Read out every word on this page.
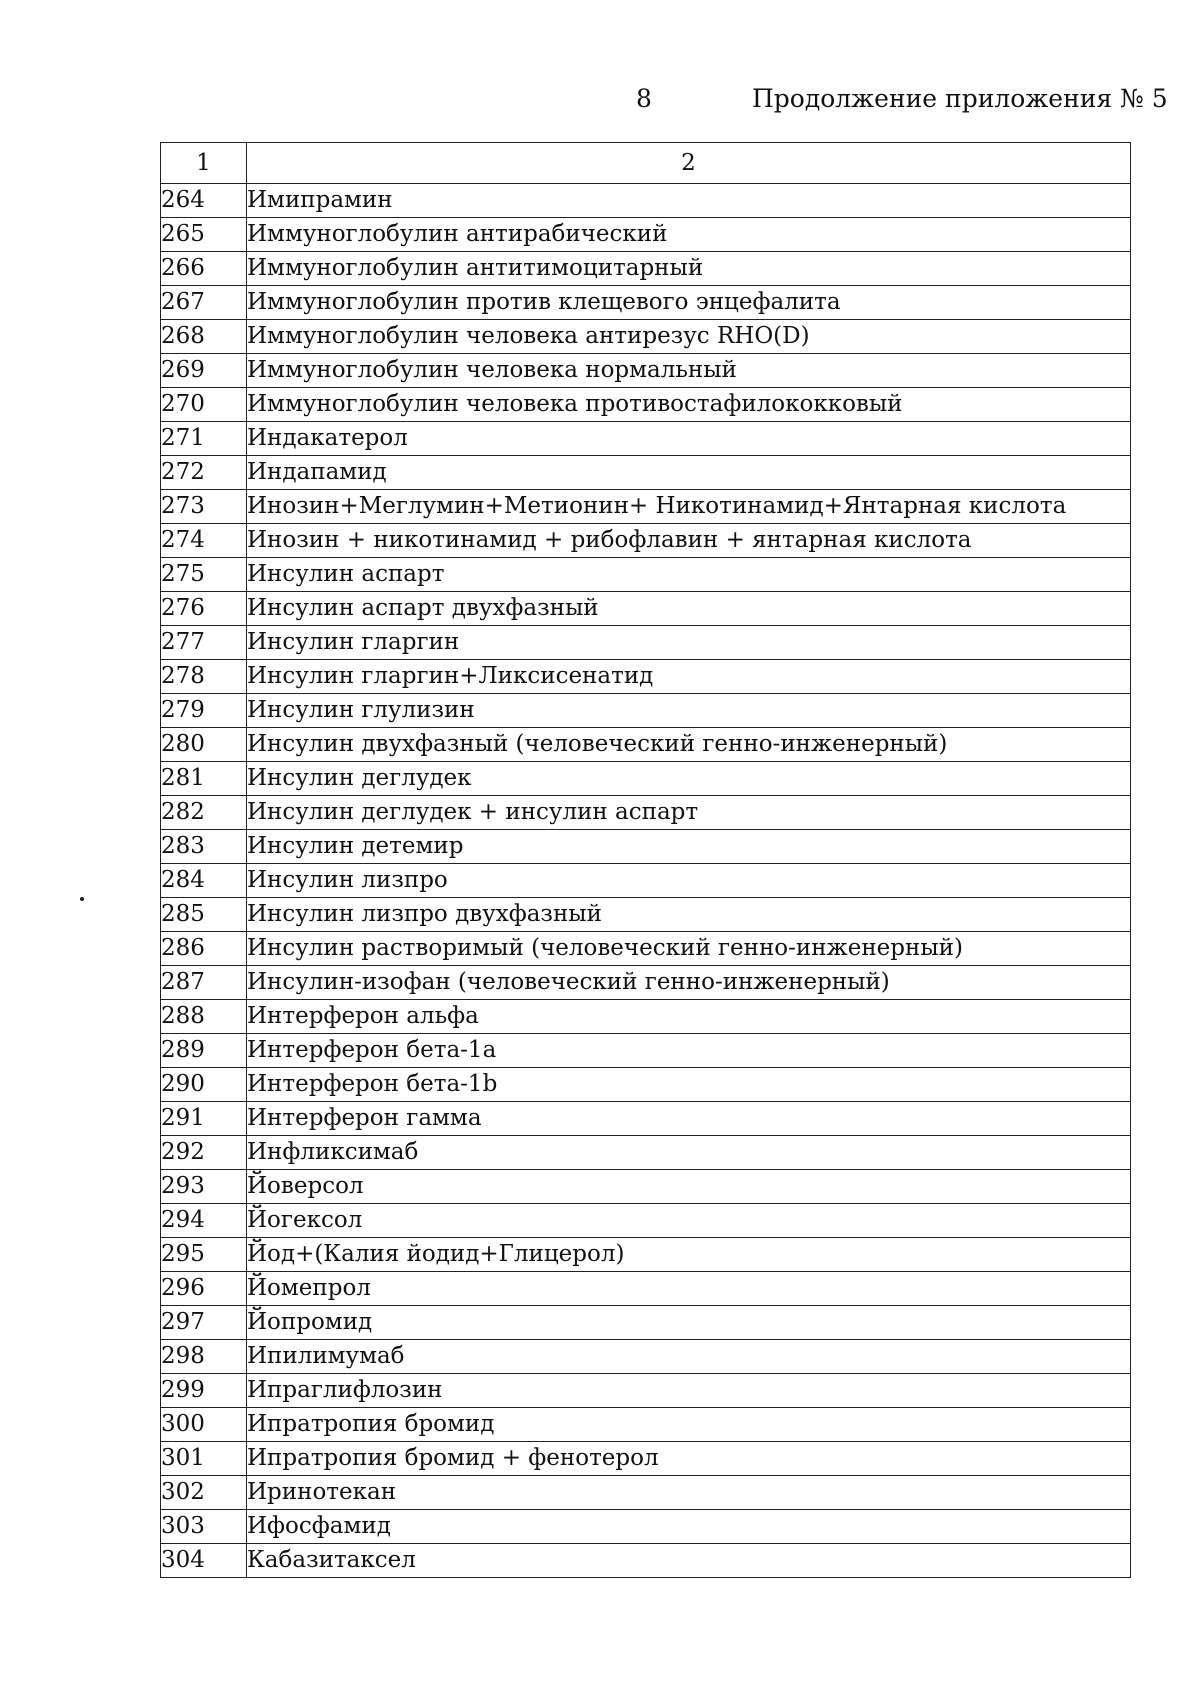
8	Продолжение приложения № 5
1	2
264	Имипрамин
265	Иммуноглобулин антирабический
266	Иммуноглобулин антитимоцитарный
267	Иммуноглобулин против клещевого энцефалита
268	Иммуноглобулин человека антирезус RHO(D)
269	Иммуноглобулин человека нормальный
270	Иммуноглобулин человека противостафилококковый
271	Индакатерол
272	Индапамид
273	Инозин+Меглумин+Метионин+ Никотинамид+Янтарная кислота
274	Инозин + никотинамид + рибофлавин + янтарная кислота
275	Инсулин аспарт
276	Инсулин аспарт двухфазный
277	Инсулин гларгин
278	Инсулин гларгин+Ликсисенатид
279	Инсулин глулизин
280	Инсулин двухфазный (человеческий генно-инженерный)
281	Инсулин деглудек
282	Инсулин деглудек + инсулин аспарт
283	Инсулин детемир
284	Инсулин лизпро
285	Инсулин лизпро двухфазный
286	Инсулин растворимый (человеческий генно-инженерный)
287	Инсулин-изофан (человеческий генно-инженерный)
288	Интерферон альфа
289	Интерферон бета-1a
290	Интерферон бета-1b
291	Интерферон гамма
292	Инфликсимаб
293	Йоверсол
294	Йогексол
295	Йод+(Калия йодид+Глицерол)
296	Йомепрол
297	Йопромид
298	Ипилимумаб
299	Ипраглифлозин
300	Ипратропия бромид
301	Ипратропия бромид + фенотерол
302	Иринотекан
303	Ифосфамид
304	Кабазитаксел
